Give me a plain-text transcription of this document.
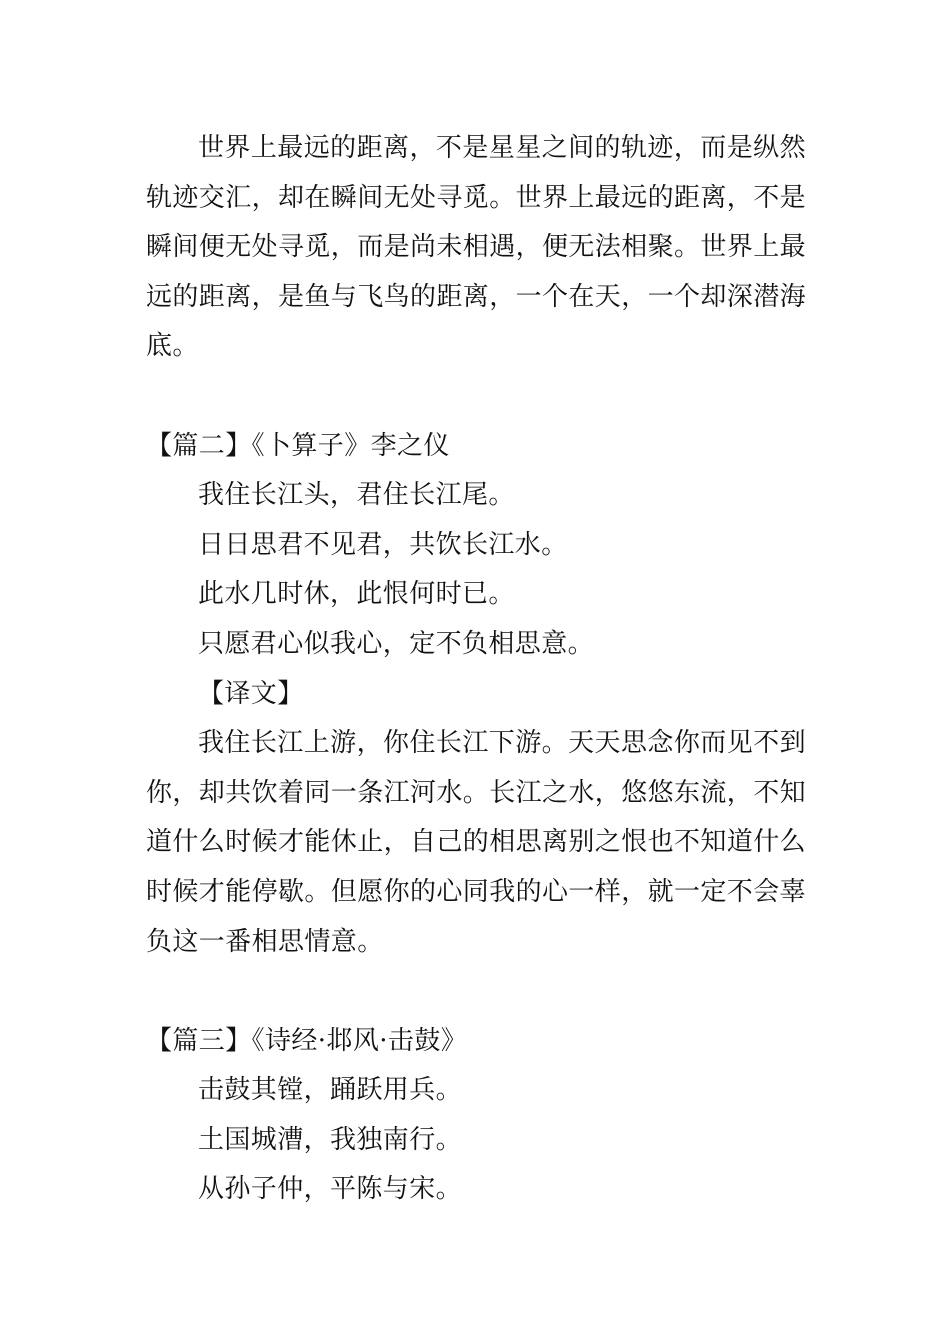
世界上最远的距离，不是星星之间的轨迹，而是纵然轨迹交汇，却在瞬间无处寻觅。世界上最远的距离，不是瞬间便无处寻觅，而是尚未相遇，便无法相聚。世界上最远的距离，是鱼与飞鸟的距离，一个在天，一个却深潜海底。

【篇二】《卜算子》李之仪

我住长江头，君住长江尾。

日日思君不见君，共饮长江水。

此水几时休，此恨何时已。

只愿君心似我心，定不负相思意。

【译文】

我住长江上游，你住长江下游。天天思念你而见不到你，却共饮着同一条江河水。长江之水，悠悠东流，不知道什么时候才能休止，自己的相思离别之恨也不知道什么时候才能停歇。但愿你的心同我的心一样，就一定不会辜负这一番相思情意。

【篇三】《诗经·邶风·击鼓》

击鼓其镗，踊跃用兵。

土国城漕，我独南行。

从孙子仲，平陈与宋。
